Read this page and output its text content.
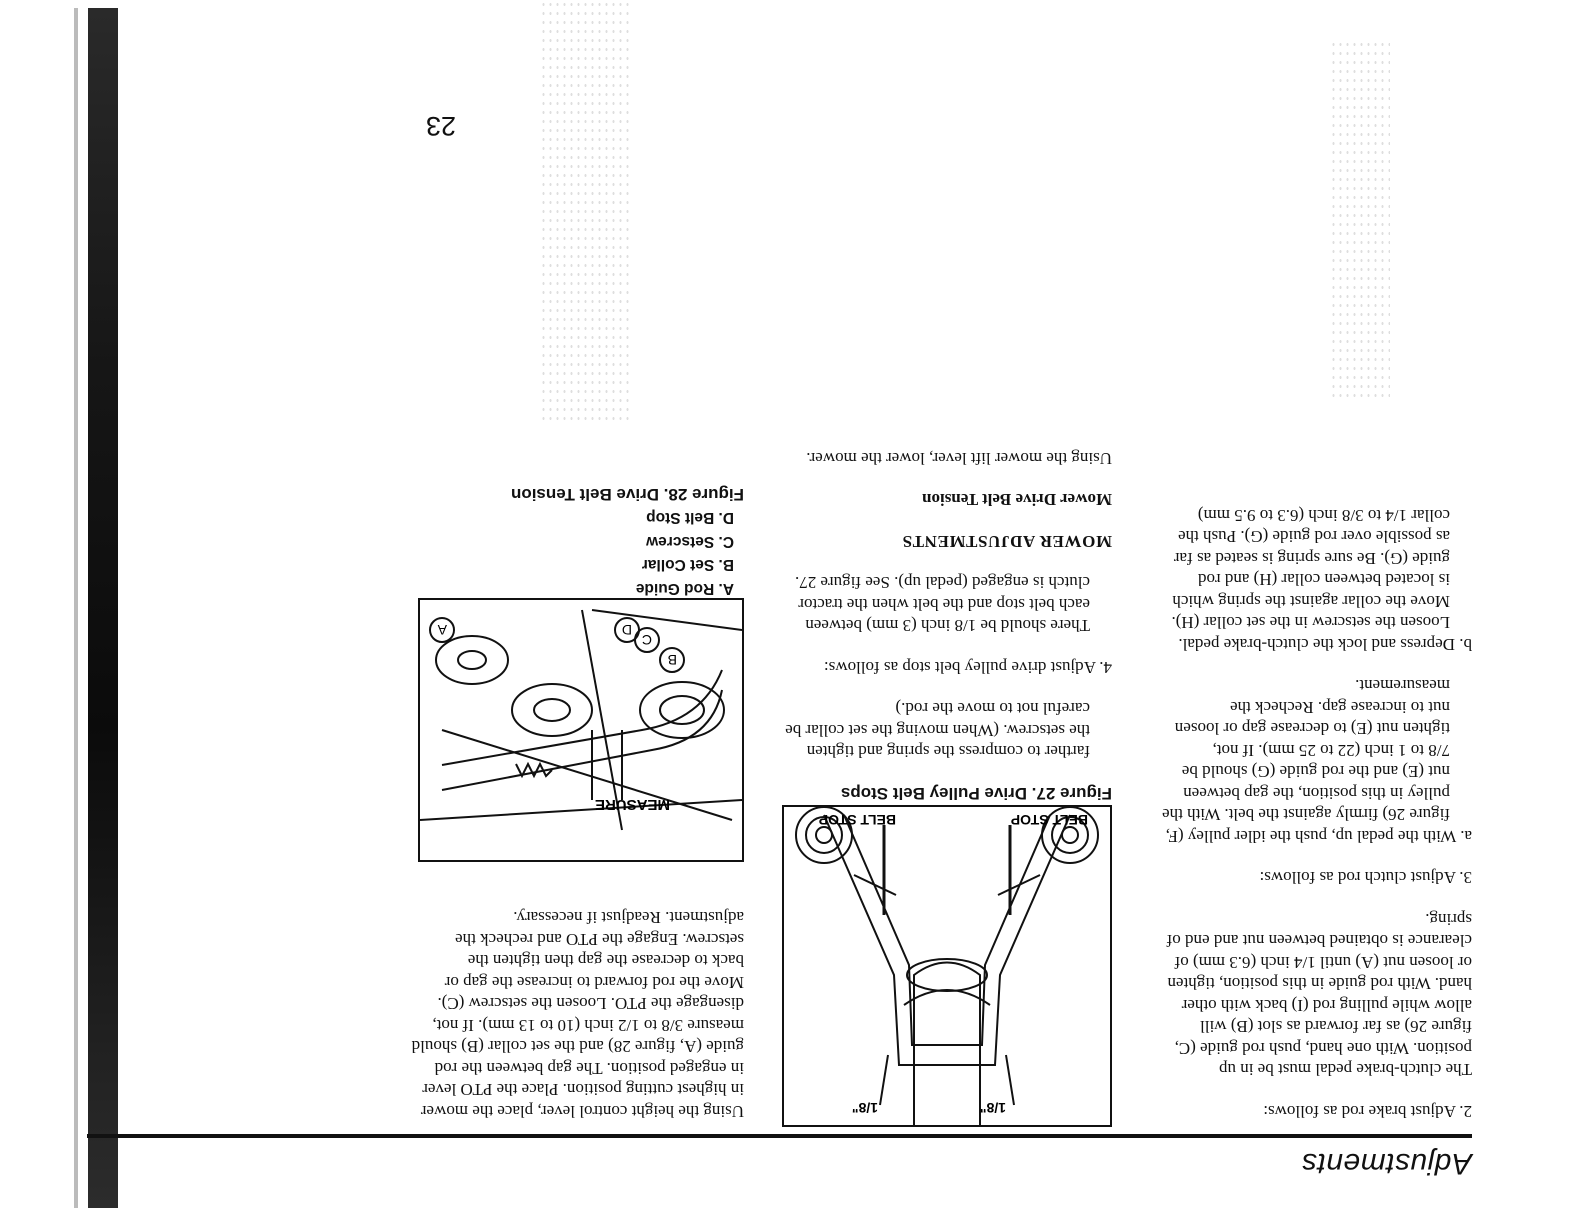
Adjustments

2. Adjust brake rod as follows:

The clutch-brake pedal must be in up position. With one hand, push rod guide (C, figure 26) as far forward as slot (B) will allow while pulling rod (I) back with other hand. With rod guide in this position, tighten or loosen nut (A) until 1/4 inch (6.3 mm) of clearance is obtained between nut and end of spring.

3. Adjust clutch rod as follows:

a. With the pedal up, push the idler pulley (F, figure 26) firmly against the belt. With the pulley in this position, the gap between nut (E) and the rod guide (G) should be 7/8 to 1 inch (22 to 25 mm). If not, tighten nut (E) to decrease gap or loosen nut to increase gap. Recheck the measurement.

b. Depress and lock the clutch-brake pedal. Loosen the setscrew in the set collar (H). Move the collar against the spring which is located between collar (H) and rod guide (G). Be sure spring is seated as far as possible over rod guide (G). Push the collar 1/4 to 3/8 inch (6.3 to 9.5 mm)

1/8"
1/8"
BELT STOP
BELT STOP

Figure 27. Drive Pulley Belt Stops

farther to compress the spring and tighten the setscrew. (When moving the set collar be careful not to move the rod.)

4. Adjust drive pulley belt stop as follows:

There should be 1/8 inch (3 mm) between each belt stop and the belt when the tractor clutch is engaged (pedal up). See figure 27.

MOWER ADJUSTMENTS

Mower Drive Belt Tension

Using the mower lift lever, lower the mower.

Using the height control lever, place the mower in highest cutting position. Place the PTO lever in engaged position. The gap between the rod guide (A, figure 28) and the set collar (B) should measure 3/8 to 1/2 inch (10 to 13 mm). If not, disengage the PTO. Loosen the setscrew (C). Move the rod forward to increase the gap or back to decrease the gap then tighten the setscrew. Engage the PTO and recheck the adjustment. Readjust if necessary.

MEASURE
B
C
D
A
A. Rod Guide
B. Set Collar
C. Setscrew
D. Belt Stop

Figure 28. Drive Belt Tension

23
